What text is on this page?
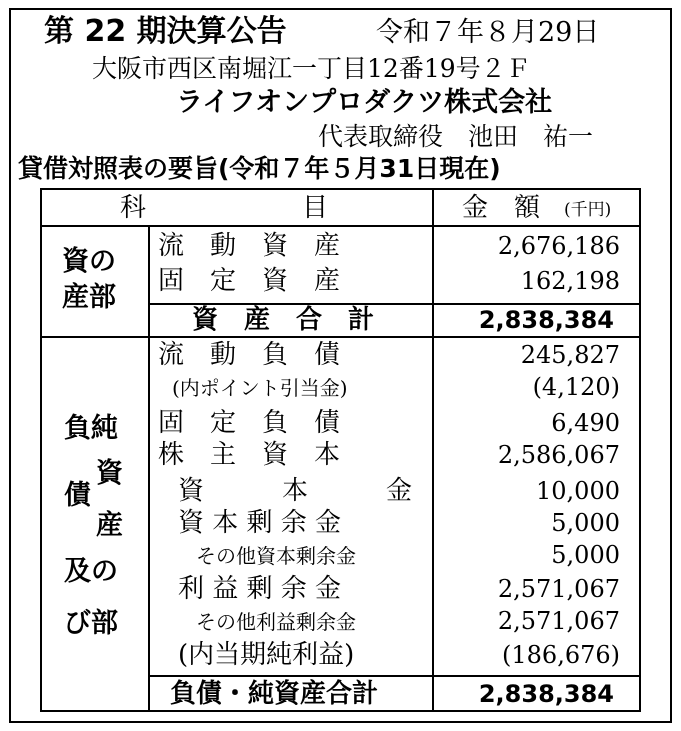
第 22 期決算公告	令和７年８月29日
大阪市西区南堀江一丁目12番19号２Ｆ
ライフオンプロダクツ株式会社
代表取締役　池田　祐一
貸借対照表の要旨(令和７年５月31日現在)
科　　　　　　目	金　額 (千円)
資の
産部
流　動　資　産	2,676,186
固　定　資　産	162,198
資　産　合　計	2,838,384
負純
資
債
産
及の
び部
流　動　負　債	245,827
(内ポイント引当金)	(4,120)
固　定　負　債	6,490
株　主　資　本	2,586,067
資　　　本　　　金	10,000
資 本 剰 余 金	5,000
その他資本剰余金	5,000
利 益 剰 余 金	2,571,067
その他利益剰余金	2,571,067
(内当期純利益)	(186,676)
負債・純資産合計	2,838,384
